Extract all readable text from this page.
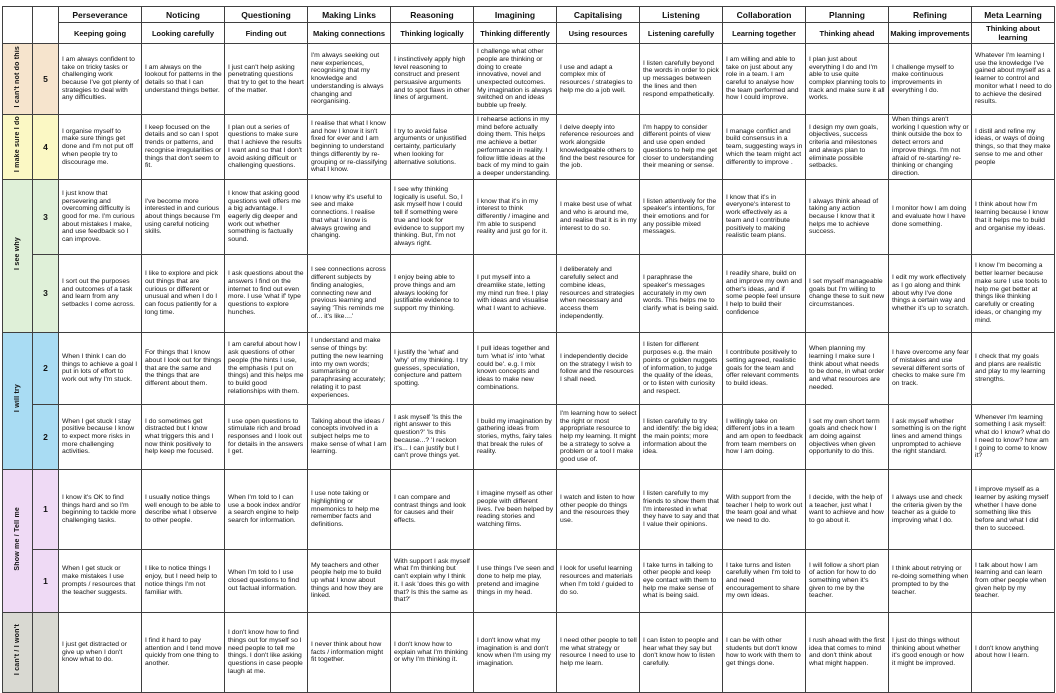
		Perseverance	Noticing	Questioning	Making Links	Reasoning	Imagining	Capitalising	Listening	Collaboration	Planning	Refining	Meta Learning
		Keeping going	Looking carefully	Finding out	Making connections	Thinking logically	Thinking differently	Using resources	Listening carefully	Learning together	Thinking ahead	Making improvements	Thinking about learning
I can't not do this	5	I am always confident to take on tricky tasks or challenging work because I've got plenty of strategies to deal with any difficulties.	I am always on the lookout for patterns in the details so that I can understand things better.	I just can't help asking penetrating questions that try to get to the heart of the matter.	I'm always seeking out new experiences, recognising that my knowledge and understanding is always changing and reorganising.	I instinctively apply high level reasoning to construct and present persuasive arguments and to spot flaws in other lines of argument.	I challenge what other people are thinking or doing to create innovative, novel and unexpected outcomes. My imagination is always switched on and ideas bubble up freely.	I use and adapt a complex mix of resources / strategies to help me do a job well.	I listen carefully beyond the words in order to pick up messages between the lines and then respond empathetically.	I am willing and able to take on just about any role in a team. I am careful to analyse how the team performed and how I could improve.	I plan just about everything I do and I'm able to use quite complex planning tools to track and make sure it all works.	I challenge myself to make continuous improvements in everything I do.	Whatever I'm learning I use the knowledge I've gained about myself as a learner to control and monitor what I need to do to achieve the desired results.
I make sure I do	4	I organise myself to make sure things get done and I'm not put off when people try to discourage me.	I keep focused on the details and so can I spot trends or patterns, and recognise irregularities or things that don't seem to fit.	I plan out a series of questions to make sure that I achieve the results I want and so that I don't avoid asking difficult or challenging questions.	I realise that what I know and how I know it isn't fixed for ever and I am beginning to understand things differently by re-grouping or re-classifying what I know.	I try to avoid false arguments or unjustified certainty, particularly when looking for alternative solutions.	I rehearse actions in my mind before actually doing them. This helps me achieve a better performance in reality. I follow little ideas at the back of my mind to gain a deeper understanding.	I delve deeply into reference resources and work alongside knowledgeable others to find the best resource for the job.	I'm happy to consider different points of view and use open ended questions to help me get closer to understanding their meaning or sense.	I manage conflict and build consensus in a team, suggesting ways in which the team might act differently to improve .	I design my own goals, objectives, success criteria and milestones and always plan to eliminate possible setbacks.	When things aren't working I question why or think outside the box to detect errors and improve things. I'm not afraid of re-starting/ re-thinking or changing direction.	I distil and refine my ideas, or ways of doing things, so that they make sense to me and other people
I see why	3	I just know that persevering and overcoming difficulty is good for me. I'm curious about mistakes I make, and use feedback so I can improve.	I've become more interested in and curious about things because I'm using careful noticing skills.	I know that asking good questions well offers me a big advantage. I eagerly dig deeper and work out whether something is factually sound.	I know why it's useful to see and make connections. I realise that what I know is always growing and changing.	I see why thinking logically is useful. So, I ask myself how I could tell if something were true and look for evidence to support my thinking. But, I'm not always right.	I know that it's in my interest to think differently / imagine and I'm able to suspend reality and just go for it.	I make best use of what and who is around me, and realise that it is in my interest to do so.	I listen attentively for the speaker's intentions, for their emotions and for any possible mixed messages.	I know that it's in everyone's interest to work effectively as a team and I contribute positively to making realistic team plans.	I always think ahead of taking any action because I know that it helps me to achieve success.	I monitor how I am doing and evaluate how I have done something.	I think about how I'm learning because I know that it helps me to build and organise my ideas.
	3	I sort out the purposes and outcomes of a task and learn from any setbacks I come across.	I like to explore and pick out things that are curious or different or unusual and when I do I can focus patiently for a long time.	I ask questions about the answers I find on the internet to find out even more. I use 'what if' type questions to explore hunches.	I see connections across different subjects by finding analogies, connecting new and previous learning and saying 'This reminds me of... it's like....'	I enjoy being able to prove things and am always looking for justifiable evidence to support my thinking.	I put myself into a dreamlike state, letting my mind run free. I play with ideas and visualise what I want to achieve.	I deliberately and carefully select and combine ideas, resources and strategies when necessary and access them independently.	I paraphrase the speaker's messages accurately in my own words. This helps me to clarify what is being said.	I readily share, build on and improve my own and other's ideas, and if some people feel unsure I help to build their confidence	I set myself manageable goals but I'm willing to change these to suit new circumstances.	I edit my work effectively as I go along and think about why I've done things a certain way and whether it's up to scratch.	I know I'm becoming a better learner because make sure I use tools to help me get better at things like thinking carefully or creating ideas, or changing my mind.
I will try	2	When I think I can do things to achieve a goal I put in lots of effort to work out why I'm stuck.	For things that I know about I look out for things that are the same and the things that are different about them.	I am careful about how I ask questions of other people (the hints I use, the emphasis I put on things) and this helps me to build good relationships with them.	I understand and make sense of things by: putting the new learning into my own words; summarising or paraphrasing accurately; relating it to past experiences.	I justify the 'what' and 'why' of my thinking. I try guesses, speculation, conjecture and pattern spotting.	I pull ideas together and turn 'what is' into 'what could be'. e.g. I mix known concepts and ideas to make new combinations.	I independently decide on the strategy I wish to follow and the resources I shall need.	I listen for different purposes e.g. the main points or golden nuggets of information, to judge the quality of the ideas, or to listen with curiosity and respect.	I contribute positively to setting agreed, realistic goals for the team and offer relevant comments to build ideas.	When planning my learning I make sure I think about what needs to be done, in what order and what resources are needed.	I have overcome any fear of mistakes and use several different sorts of checks to make sure I'm on track.	I check that my goals and plans are realistic and play to my learning strengths.
	2	When I get stuck I stay positive because I know to expect more risks in more challenging activities.	I do sometimes get distracted but I know what triggers this and I now think positively to help keep me focused.	I use open questions to stimulate rich and broad responses and I look out for details in the answers I get.	Talking about the ideas / concepts involved in a subject helps me to make sense of what I am learning.	I ask myself 'Is this the right answer to this question?' 'Is this because...? 'I reckon it's... I can justify but I can't prove things yet.	I build my imagination by gathering ideas from stories, myths, fairy tales that break the rules of reality.	I'm learning how to select the right or most appropriate resource to help my learning. It might be a strategy to solve a problem or a tool I make good use of.	I listen carefully to try and identify: the big idea; the main points; more information about the idea.	I willingly take on different jobs in a team and am open to feedback from team members on how I am doing.	I set my own short term goals and check how I am doing against objectives when given opportunity to do this.	I ask myself whether something is on the right lines and amend things unprompted to achieve the right standard.	Whenever I'm learning something I ask myself: what do I know? what do I need to know? how am I going to come to know it?
Show me / Tell me	1	I know it's OK to find things hard and so I'm beginning to tackle more challenging tasks.	I usually notice things well enough to be able to describe what I observe to other people.	When I'm told to I can use a book index and/or a search engine to help search for information.	I use note taking or highlighting or mnemonics to help me remember facts and definitions.	I can compare and contrast things and look for causes and their effects.	I imagine myself as other people with different lives. I've been helped by reading stories and watching films.	I watch and listen to how other people do things and the resources they use.	I listen carefully to my friends to show them that I'm interested in what they have to say and that I value their opinions.	With support from the teacher I help to work out the team goal and what we need to do.	I decide, with the help of a teacher, just what I want to achieve and how to go about it.	I always use and check the criteria given by the teacher as a guide to improving what I do.	I improve myself as a learner by asking myself whether I have done something like this before and what I did then to succeed.
	1	When I get stuck or make mistakes I use prompts / resources that the teacher suggests.	I like to notice things I enjoy, but I need help to notice things I'm not familiar with.	When I'm told to I use closed questions to find out factual information.	My teachers and other people help me to build up what I know about things and how they are linked.	With support I ask myself what I'm thinking but can't explain why I think it. I ask 'does this go with that? Is this the same as that?'	I use things I've seen and done to help me play, pretend and imagine things in my head.	I look for useful learning resources and materials when I'm told / guided to do so.	I take turns in talking to other people and keep eye contact with them to help me make sense of what is being said.	I take turns and listen carefully when I'm told to and need encouragement to share my own ideas.	I will follow a short plan of action for how to do something when it's given to me by the teacher.	I think about retrying or re-doing something when prompted to by the teacher.	I talk about how I am learning and can learn from other people when given help by my teacher.
I can't / I won't		I just get distracted or give up when I don't know what to do.	I find it hard to pay attention and I tend move quickly from one thing to another.	I don't know how to find things out for myself so I need people to tell me things. I don't like asking questions in case people laugh at me.	I never think about how facts / information might fit together.	I don't know how to explain what I'm thinking or why I'm thinking it.	I don't know what my imagination is and don't know when I'm using my imagination.	I need other people to tell me what strategy or resource I need to use to help me learn.	I can listen to people and hear what they say but don't know how to listen carefully.	I can be with other students but don't know how to work with them to get things done.	I rush ahead with the first idea that comes to mind and don't think about what might happen.	I just do things without thinking about whether it's good enough or how it might be improved.	I don't know anything about how I learn.
